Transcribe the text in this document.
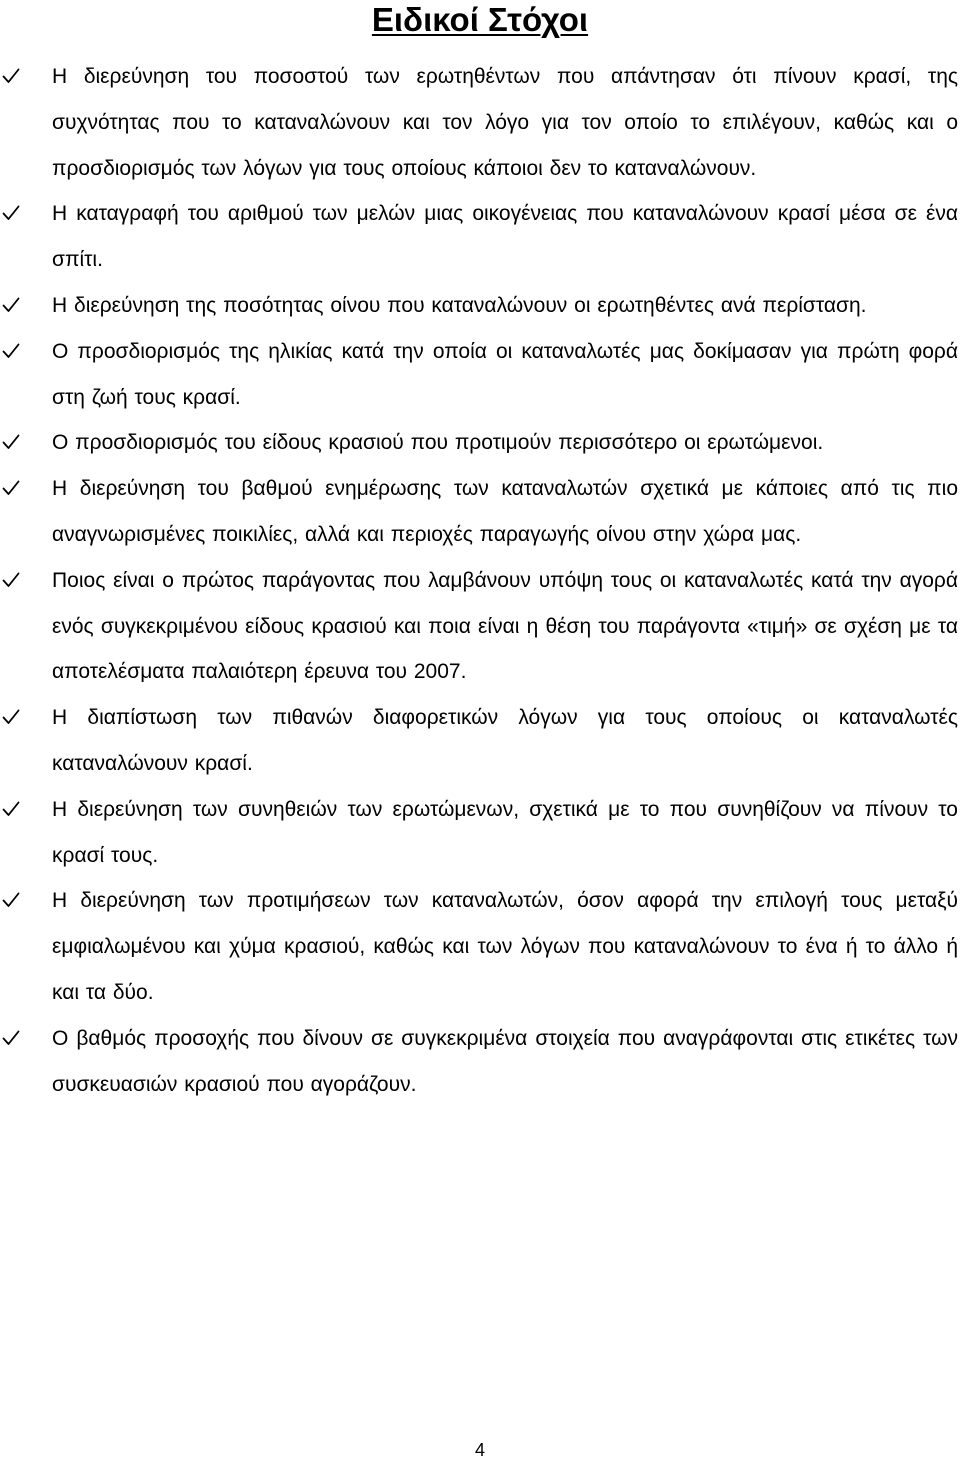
Ειδικοί Στόχοι
Η διερεύνηση του ποσοστού των ερωτηθέντων που απάντησαν ότι πίνουν κρασί, της συχνότητας που το καταναλώνουν και τον λόγο για τον οποίο το επιλέγουν, καθώς και ο προσδιορισμός των λόγων για τους οποίους κάποιοι δεν το καταναλώνουν.
Η καταγραφή του αριθμού των μελών μιας οικογένειας που καταναλώνουν κρασί μέσα σε ένα σπίτι.
Η διερεύνηση της ποσότητας οίνου που καταναλώνουν οι ερωτηθέντες ανά περίσταση.
Ο προσδιορισμός της ηλικίας κατά την οποία οι καταναλωτές μας δοκίμασαν για πρώτη φορά στη ζωή τους κρασί.
Ο προσδιορισμός του είδους κρασιού που προτιμούν περισσότερο οι ερωτώμενοι.
Η διερεύνηση του βαθμού ενημέρωσης των καταναλωτών σχετικά με κάποιες από τις πιο αναγνωρισμένες ποικιλίες, αλλά και περιοχές παραγωγής οίνου στην χώρα μας.
Ποιος είναι ο πρώτος παράγοντας που λαμβάνουν υπόψη τους οι καταναλωτές κατά την αγορά ενός συγκεκριμένου είδους κρασιού και ποια είναι η θέση του παράγοντα «τιμή» σε σχέση με τα αποτελέσματα παλαιότερη έρευνα του 2007.
Η διαπίστωση των πιθανών διαφορετικών λόγων για τους οποίους οι καταναλωτές καταναλώνουν κρασί.
Η διερεύνηση των συνηθειών των ερωτώμενων, σχετικά με το που συνηθίζουν να πίνουν το κρασί τους.
Η διερεύνηση των προτιμήσεων των καταναλωτών, όσον αφορά την επιλογή τους μεταξύ εμφιαλωμένου και χύμα κρασιού, καθώς και των λόγων που καταναλώνουν το ένα ή το άλλο ή και τα δύο.
Ο βαθμός προσοχής που δίνουν σε συγκεκριμένα στοιχεία που αναγράφονται στις ετικέτες των συσκευασιών κρασιού που αγοράζουν.
4
